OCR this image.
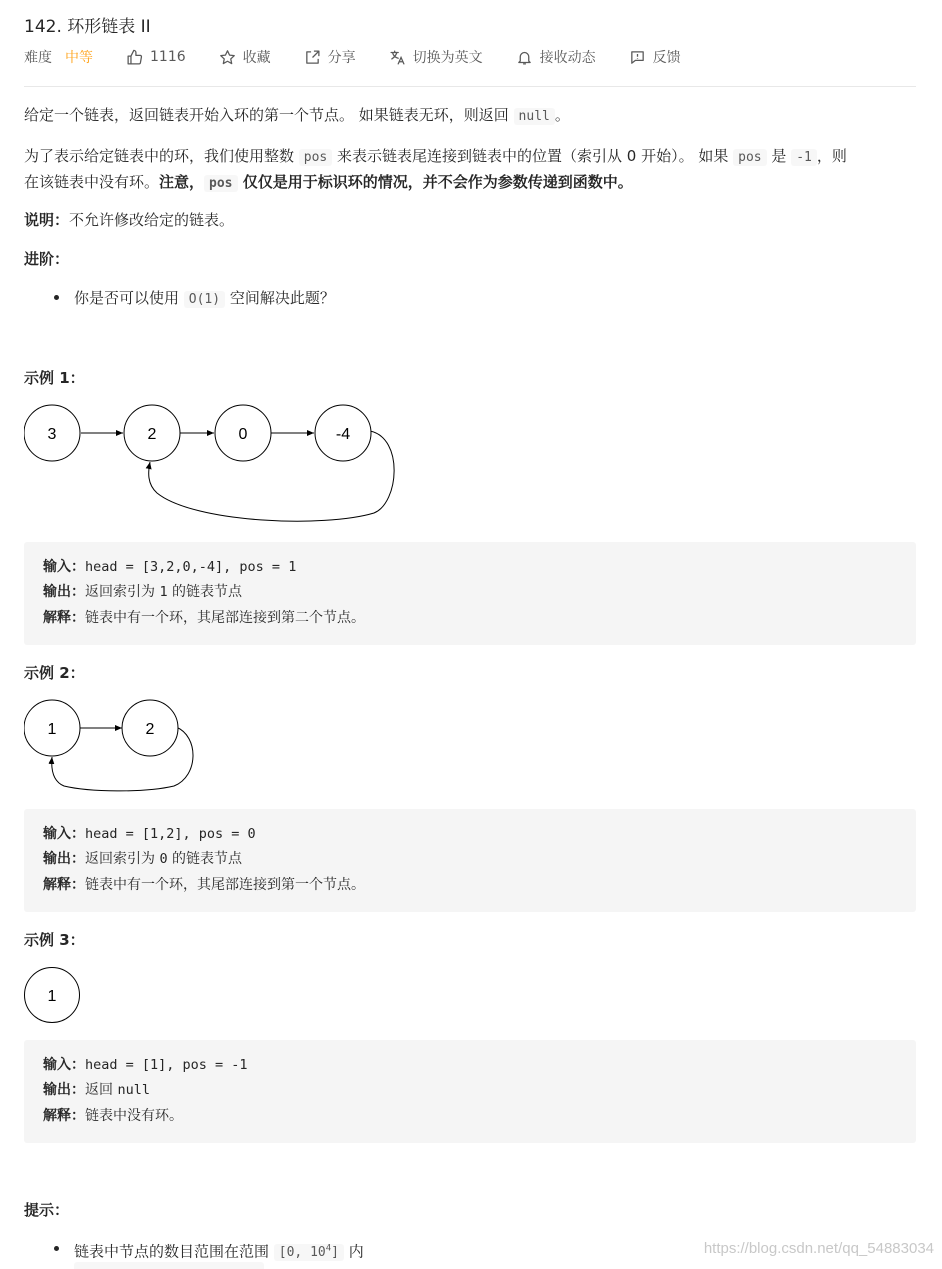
142. 环形链表 II
难度 中等	1116	收藏	分享	切换为英文	接收动态	反馈
给定一个链表，返回链表开始入环的第一个节点。 如果链表无环，则返回 null 。
为了表示给定链表中的环，我们使用整数 pos 来表示链表尾连接到链表中的位置（索引从 0 开始）。 如果 pos 是 -1 ，则
在该链表中没有环。注意， pos 仅仅是用于标识环的情况，并不会作为参数传递到函数中。
说明：不允许修改给定的链表。
进阶：
你是否可以使用 O(1) 空间解决此题？
示例 1：
3	2	0	-4
输入：head = [3,2,0,-4], pos = 1
输出：返回索引为 1 的链表节点
解释：链表中有一个环，其尾部连接到第二个节点。
示例 2：
1	2
输入：head = [1,2], pos = 0
输出：返回索引为 0 的链表节点
解释：链表中有一个环，其尾部连接到第一个节点。
示例 3：
1
输入：head = [1], pos = -1
输出：返回 null
解释：链表中没有环。
提示：
链表中节点的数目范围在范围 [0, $10^4$] 内	https://blog.csdn.net/qq_54883034
